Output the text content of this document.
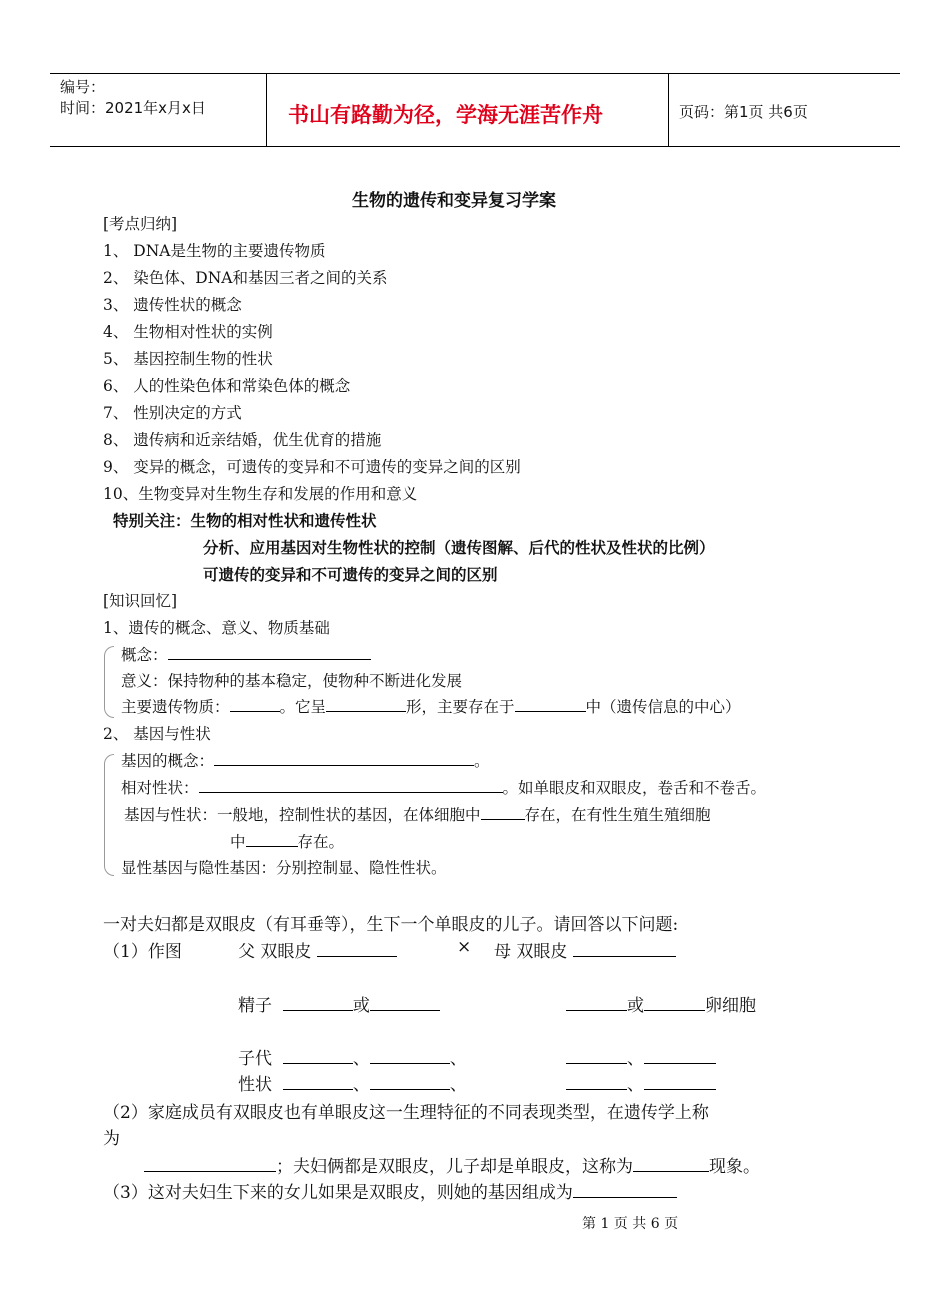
编号：
时间：2021年x月x日	书山有路勤为径，学海无涯苦作舟	页码：第1页 共6页
生物的遗传和变异复习学案
[考点归纳]
1、 DNA是生物的主要遗传物质
2、 染色体、DNA和基因三者之间的关系
3、 遗传性状的概念
4、 生物相对性状的实例
5、 基因控制生物的性状
6、 人的性染色体和常染色体的概念
7、 性别决定的方式
8、 遗传病和近亲结婚，优生优育的措施
9、 变异的概念，可遗传的变异和不可遗传的变异之间的区别
10、生物变异对生物生存和发展的作用和意义
特别关注：生物的相对性状和遗传性状
分析、应用基因对生物性状的控制（遗传图解、后代的性状及性状的比例）
可遗传的变异和不可遗传的变异之间的区别
[知识回忆]
1、遗传的概念、意义、物质基础
概念：
意义：保持物种的基本稳定，使物种不断进化发展
主要遗传物质：	。它呈	形，主要存在于	中（遗传信息的中心）
2、 基因与性状
基因的概念：	。
相对性状：	。如单眼皮和双眼皮，卷舌和不卷舌。
基因与性状：一般地，控制性状的基因，在体细胞中	存在，在有性生殖生殖细胞
中	存在。
显性基因与隐性基因：分别控制显、隐性性状。
一对夫妇都是双眼皮（有耳垂等），生下一个单眼皮的儿子。请回答以下问题:
（1）作图	父 双眼皮	× 母 双眼皮
精子	或	或	卵细胞
子代	、	、	、
性状	、	、	、
（2）家庭成员有双眼皮也有单眼皮这一生理特征的不同表现类型，在遗传学上称
为
；夫妇俩都是双眼皮，儿子却是单眼皮，这称为	现象。
（3）这对夫妇生下来的女儿如果是双眼皮，则她的基因组成为
第 1 页 共 6 页
